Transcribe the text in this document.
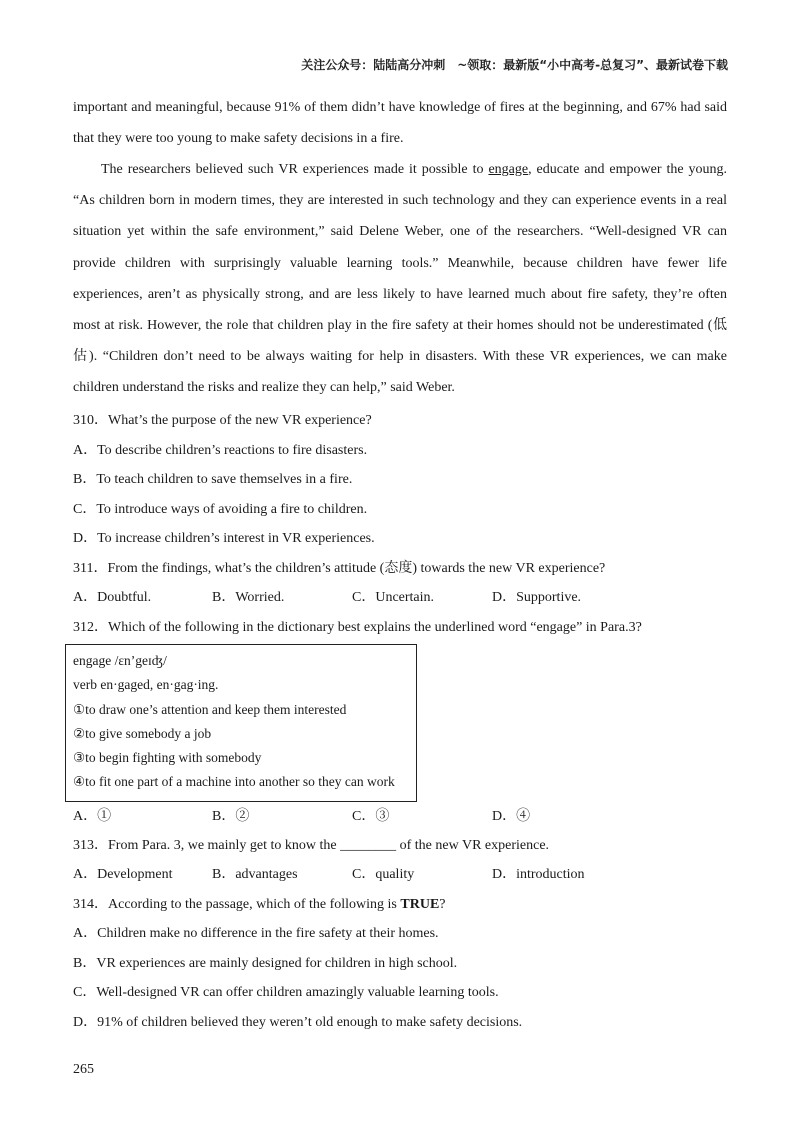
关注公众号：陆陆高分冲刺　~领取：最新版“小中高考-总复习”、最新试卷下载
important and meaningful, because 91% of them didn’t have knowledge of fires at the beginning, and 67% had said
that they were too young to make safety decisions in a fire.
The researchers believed such VR experiences made it possible to engage, educate and empower the young.
“As children born in modern times, they are interested in such technology and they can experience events in a real
situation yet within the safe environment,” said Delene Weber, one of the researchers. “Well-designed VR can
provide children with surprisingly valuable learning tools.” Meanwhile, because children have fewer life
experiences, aren’t as physically strong, and are less likely to have learned much about fire safety, they’re often
most at risk. However, the role that children play in the fire safety at their homes should not be underestimated (低
估). “Children don’t need to be always waiting for help in disasters. With these VR experiences, we can make
children understand the risks and realize they can help,” said Weber.
310．What’s the purpose of the new VR experience?
A．To describe children’s reactions to fire disasters.
B．To teach children to save themselves in a fire.
C．To introduce ways of avoiding a fire to children.
D．To increase children’s interest in VR experiences.
311．From the findings, what’s the children’s attitude (态度) towards the new VR experience?
A．Doubtful.	B．Worried.	C．Uncertain.	D．Supportive.
312．Which of the following in the dictionary best explains the underlined word “engage” in Para.3?
engage /ɛn’geɪʤ/
verb en·gaged, en·gag·ing.
①to draw one’s attention and keep them interested
②to give somebody a job
③to begin fighting with somebody
④to fit one part of a machine into another so they can work
A．①	B．②	C．③	D．④
313．From Para. 3, we mainly get to know the ________ of the new VR experience.
A．Development	B．advantages	C．quality	D．introduction
314．According to the passage, which of the following is TRUE?
A．Children make no difference in the fire safety at their homes.
B．VR experiences are mainly designed for children in high school.
C．Well-designed VR can offer children amazingly valuable learning tools.
D．91% of children believed they weren’t old enough to make safety decisions.
265
